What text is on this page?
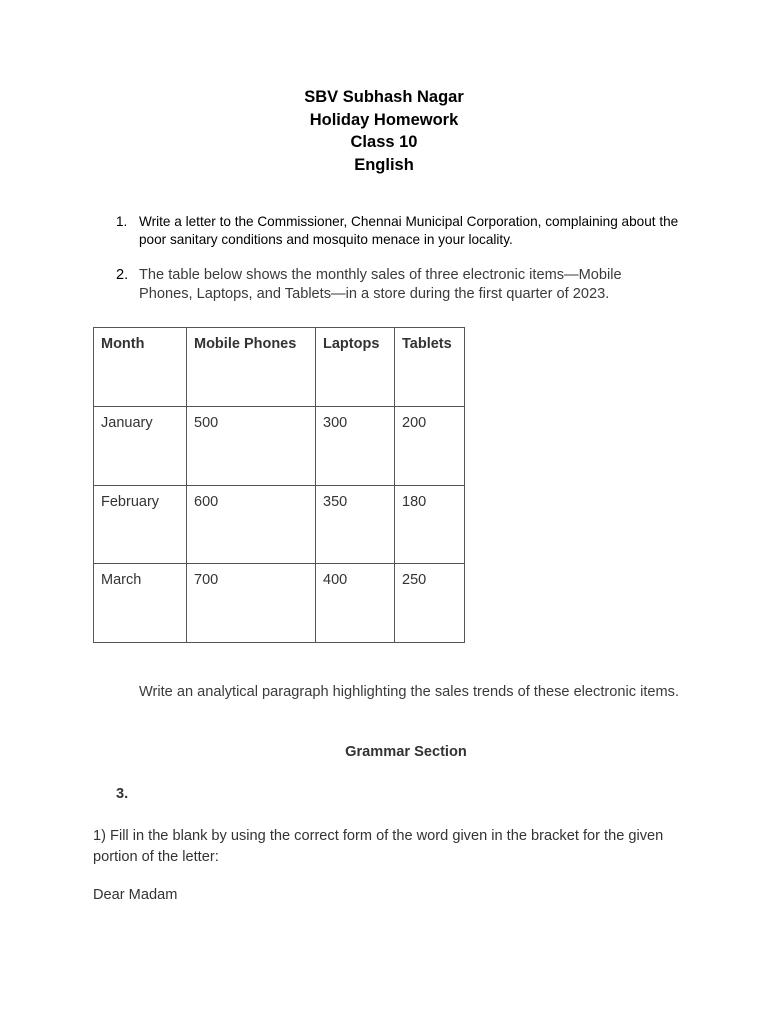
SBV Subhash Nagar
Holiday Homework
Class 10
English
1. Write a letter to the Commissioner, Chennai Municipal Corporation, complaining about the poor sanitary conditions and mosquito menace in your locality.
2. The table below shows the monthly sales of three electronic items—Mobile Phones, Laptops, and Tablets—in a store during the first quarter of 2023.
Month	Mobile Phones	Laptops	Tablets
January	500	300	200
February	600	350	180
March	700	400	250
Write an analytical paragraph highlighting the sales trends of these electronic items.
Grammar Section
3.
1) Fill in the blank by using the correct form of the word given in the bracket for the given portion of the letter:
Dear Madam
